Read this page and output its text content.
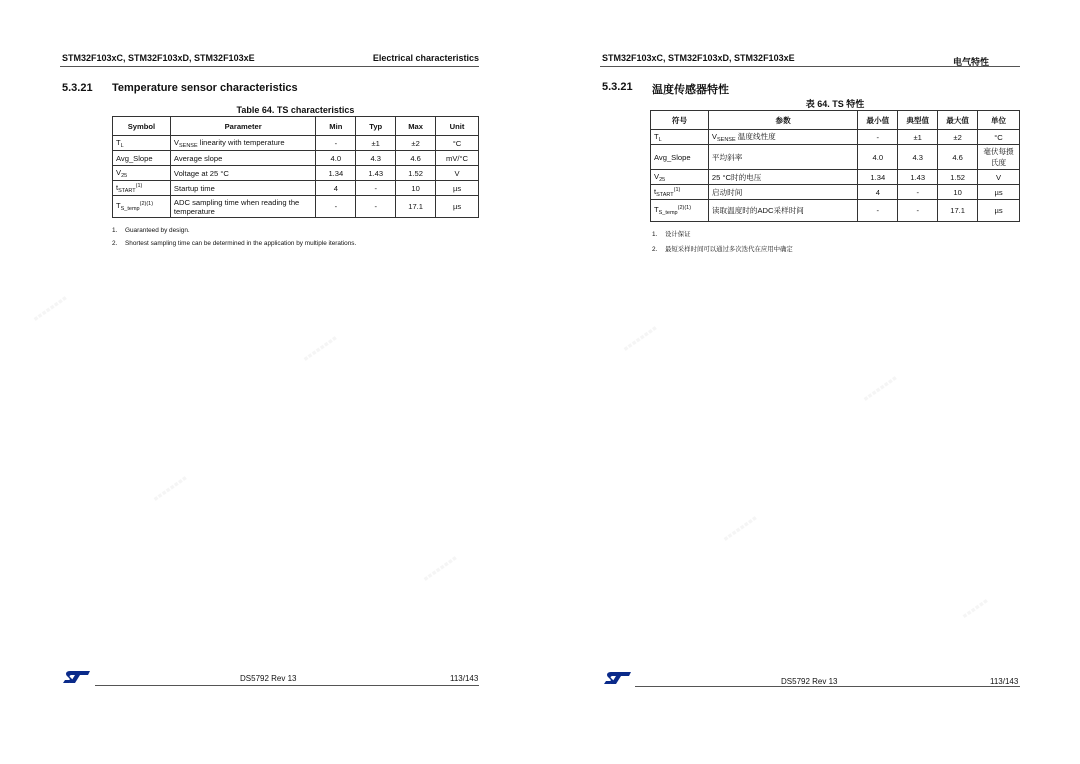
▪▪▪▪▪▪▪▪
▪▪▪▪▪▪▪▪
▪▪▪▪▪▪▪▪
▪▪▪▪▪▪▪▪
▪▪▪▪▪▪▪▪
▪▪▪▪▪▪▪▪
▪▪▪▪▪▪▪▪
▪▪▪▪▪▪
STM32F103xC, STM32F103xD, STM32F103xE	Electrical characteristics
5.3.21 Temperature sensor characteristics
Table 64. TS characteristics
Symbol	Parameter	Min	Typ	Max	Unit
$T_L$	$V_{SENSE}$ linearity with temperature	-	±1	±2	°C
Avg_Slope	Average slope	4.0	4.3	4.6	mV/°C
$V_{25}$	Voltage at 25 °C	1.34	1.43	1.52	V
$t_{START}^{(1)}$	Startup time	4	-	10	µs
$T_{S\_temp}^{(2)(1)}$	ADC sampling time when reading the temperature	-	-	17.1	µs
1. Guaranteed by design.
2. Shortest sampling time can be determined in the application by multiple iterations.
DS5792 Rev 13	113/143
STM32F103xC, STM32F103xD, STM32F103xE	电气特性
5.3.21 温度传感器特性
表 64. TS 特性
符号	参数	最小值	典型值	最大值	单位
$T_L$	$V_{SENSE}$ 温度线性度	-	±1	±2	°C
Avg_Slope	平均斜率	4.0	4.3	4.6	毫伏每摄氏度
$V_{25}$	25 °C时的电压	1.34	1.43	1.52	V
$t_{START}^{(1)}$	启动时间	4	-	10	µs
$T_{S\_temp}^{(2)(1)}$	读取温度时的ADC采样时间	-	-	17.1	µs
1. 设计保证
2. 最短采样时间可以通过多次迭代在应用中确定
DS5792 Rev 13	113/143
